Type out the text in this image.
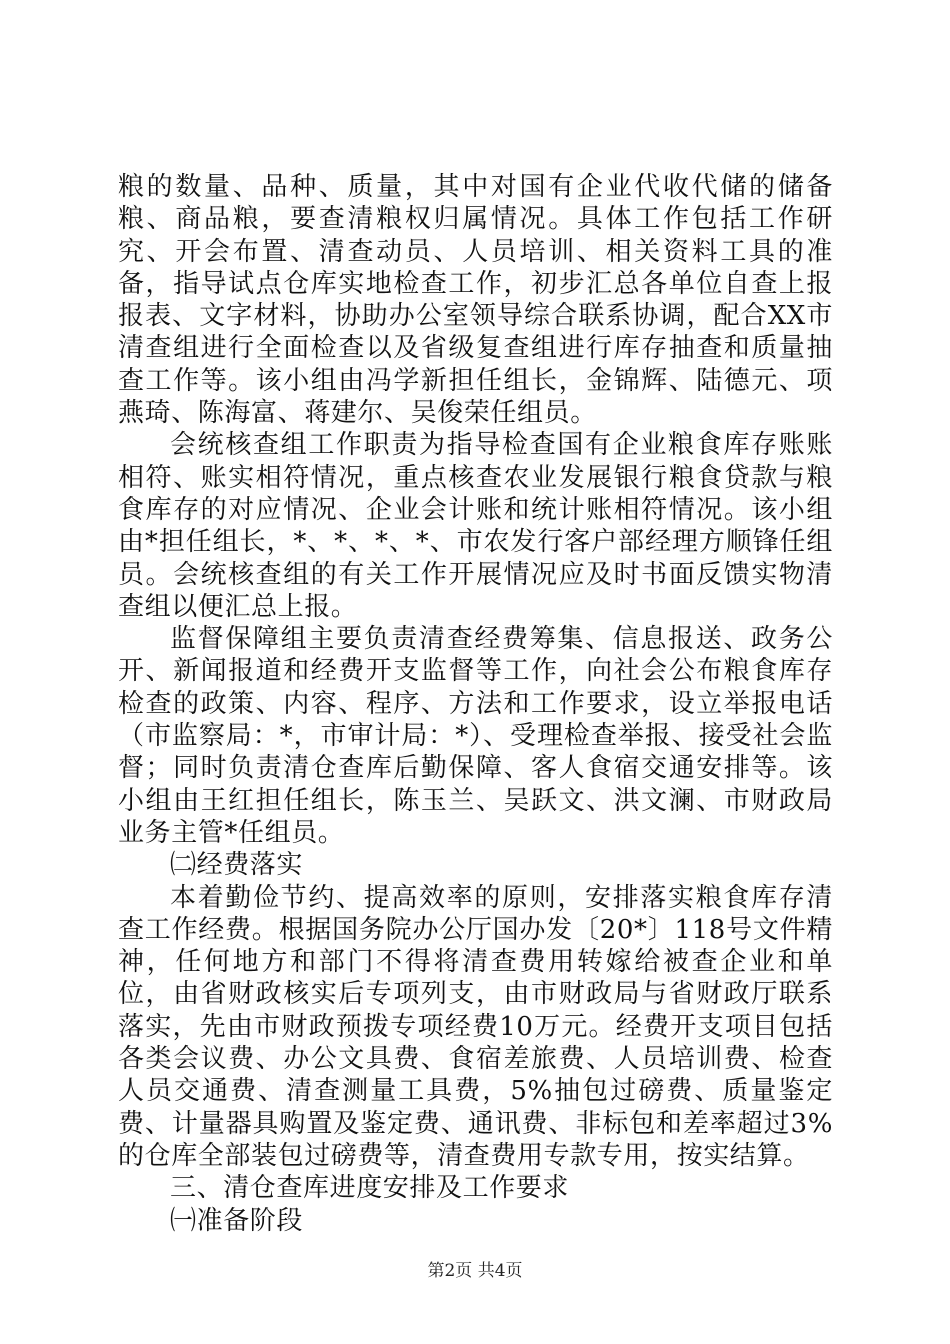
粮的数量、品种、质量，其中对国有企业代收代储的储备粮、商品粮，要查清粮权归属情况。具体工作包括工作研究、开会布置、清查动员、人员培训、相关资料工具的准备，指导试点仓库实地检查工作，初步汇总各单位自查上报报表、文字材料，协助办公室领导综合联系协调，配合XX市清查组进行全面检查以及省级复查组进行库存抽查和质量抽查工作等。该小组由冯学新担任组长，金锦辉、陆德元、项燕琦、陈海富、蒋建尔、吴俊荣任组员。

会统核查组工作职责为指导检查国有企业粮食库存账账相符、账实相符情况，重点核查农业发展银行粮食贷款与粮食库存的对应情况、企业会计账和统计账相符情况。该小组由*担任组长，*、*、*、*、市农发行客户部经理方顺锋任组员。会统核查组的有关工作开展情况应及时书面反馈实物清查组以便汇总上报。

监督保障组主要负责清查经费筹集、信息报送、政务公开、新闻报道和经费开支监督等工作，向社会公布粮食库存检查的政策、内容、程序、方法和工作要求，设立举报电话（市监察局：*，市审计局：*）、受理检查举报、接受社会监督；同时负责清仓查库后勤保障、客人食宿交通安排等。该小组由王红担任组长，陈玉兰、吴跃文、洪文澜、市财政局业务主管*任组员。

㈡经费落实

本着勤俭节约、提高效率的原则，安排落实粮食库存清查工作经费。根据国务院办公厅国办发〔20*〕118号文件精神，任何地方和部门不得将清查费用转嫁给被查企业和单位，由省财政核实后专项列支，由市财政局与省财政厅联系落实，先由市财政预拨专项经费10万元。经费开支项目包括各类会议费、办公文具费、食宿差旅费、人员培训费、检查人员交通费、清查测量工具费，5%抽包过磅费、质量鉴定费、计量器具购置及鉴定费、通讯费、非标包和差率超过3%的仓库全部装包过磅费等，清查费用专款专用，按实结算。

三、清仓查库进度安排及工作要求

㈠准备阶段

第2页 共4页
